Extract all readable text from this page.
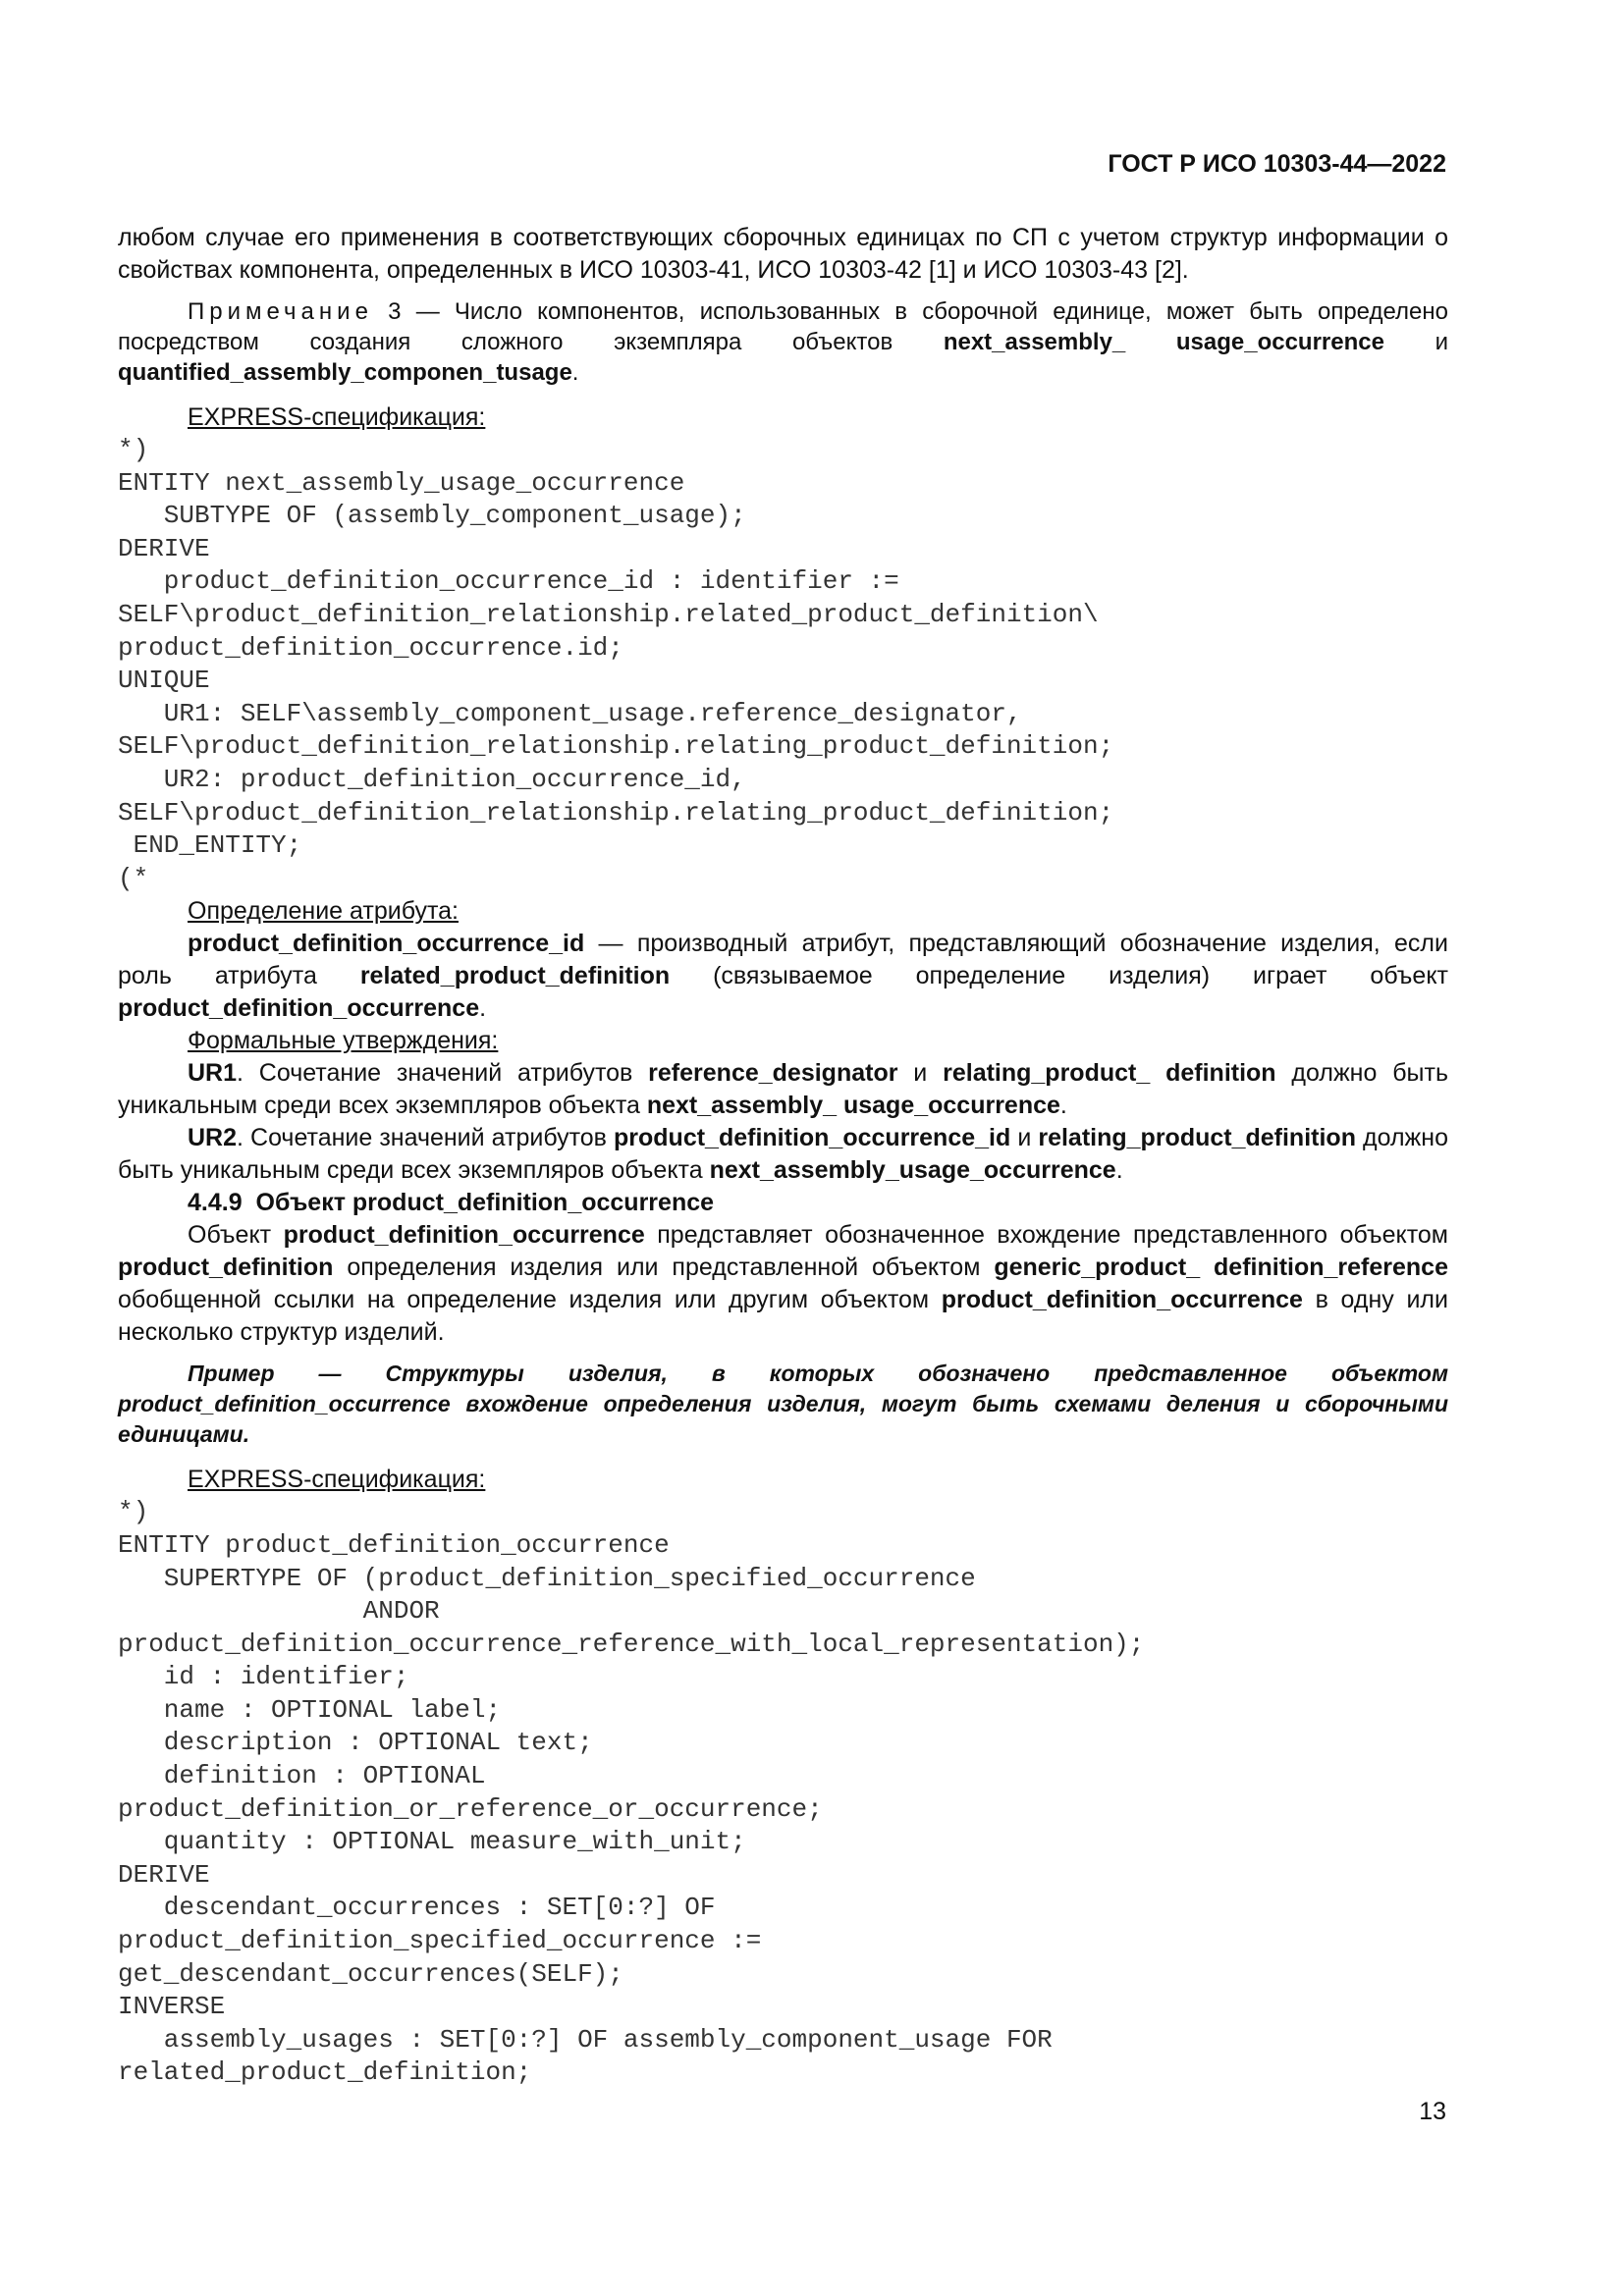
ГОСТ Р ИСО 10303-44—2022

любом случае его применения в соответствующих сборочных единицах по СП с учетом структур информации о свойствах компонента, определенных в ИСО 10303-41, ИСО 10303-42 [1] и ИСО 10303-43 [2].

Примечание 3 — Число компонентов, использованных в сборочной единице, может быть определено посредством создания сложного экземпляра объектов next_assembly_ usage_occurrence и quantified_assembly_componen_tusage.

EXPRESS-спецификация:

*)
ENTITY next_assembly_usage_occurrence
SUBTYPE OF (assembly_component_usage);
DERIVE
product_definition_occurrence_id : identifier :=
SELF\product_definition_relationship.related_product_definition\
product_definition_occurrence.id;
UNIQUE
UR1: SELF\assembly_component_usage.reference_designator,
SELF\product_definition_relationship.relating_product_definition;
UR2: product_definition_occurrence_id,
SELF\product_definition_relationship.relating_product_definition;
END_ENTITY;
(*

Определение атрибута:

product_definition_occurrence_id — производный атрибут, представляющий обозначение изделия, если роль атрибута related_product_definition (связываемое определение изделия) играет объект product_definition_occurrence.

Формальные утверждения:

UR1. Сочетание значений атрибутов reference_designator и relating_product_ definition должно быть уникальным среди всех экземпляров объекта next_assembly_ usage_occurrence.

UR2. Сочетание значений атрибутов product_definition_occurrence_id и relating_product_definition должно быть уникальным среди всех экземпляров объекта next_assembly_usage_occurrence.

4.4.9 Объект product_definition_occurrence

Объект product_definition_occurrence представляет обозначенное вхождение представленного объектом product_definition определения изделия или представленной объектом generic_product_ definition_reference обобщенной ссылки на определение изделия или другим объектом product_definition_occurrence в одну или несколько структур изделий.

Пример — Структуры изделия, в которых обозначено представленное объектом product_definition_occurrence вхождение определения изделия, могут быть схемами деления и сборочными единицами.

EXPRESS-спецификация:

*)
ENTITY product_definition_occurrence
SUPERTYPE OF (product_definition_specified_occurrence
ANDOR
product_definition_occurrence_reference_with_local_representation);
id : identifier;
name : OPTIONAL label;
description : OPTIONAL text;
definition : OPTIONAL
product_definition_or_reference_or_occurrence;
quantity : OPTIONAL measure_with_unit;
DERIVE
descendant_occurrences : SET[0:?] OF
product_definition_specified_occurrence :=
get_descendant_occurrences(SELF);
INVERSE
assembly_usages : SET[0:?] OF assembly_component_usage FOR
related_product_definition;
13
